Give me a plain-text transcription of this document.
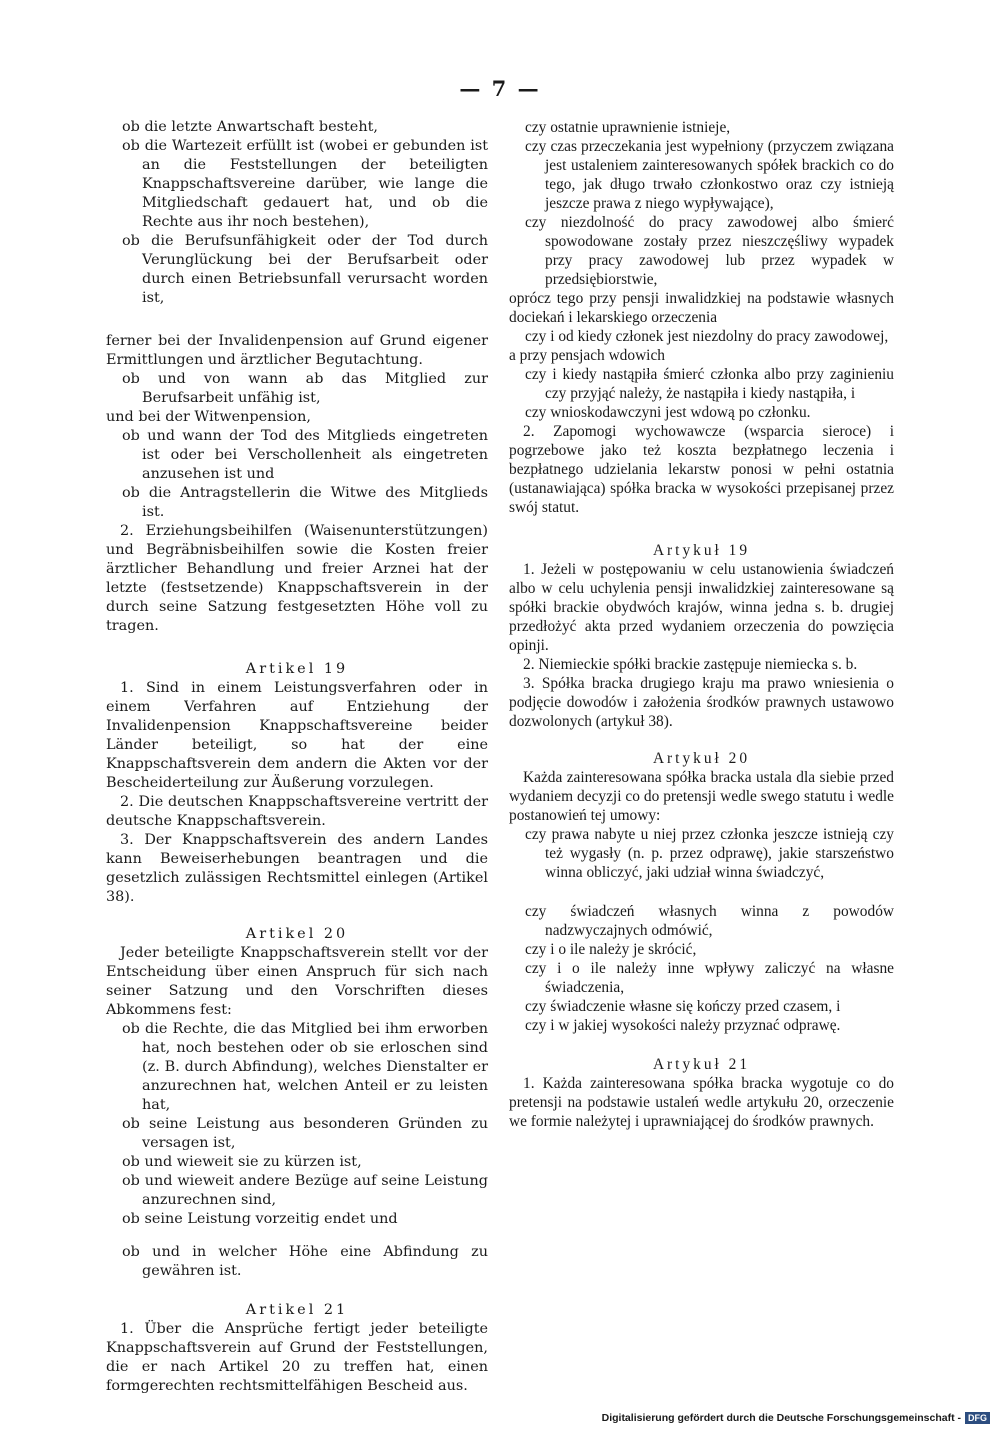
— 7 —

ob die letzte Anwartschaft besteht,

ob die Wartezeit erfüllt ist (wobei er gebunden ist an die Feststellungen der beteiligten Knappschaftsvereine darüber, wie lange die Mitgliedschaft gedauert hat, und ob die Rechte aus ihr noch bestehen),

ob die Berufsunfähigkeit oder der Tod durch Verunglückung bei der Berufsarbeit oder durch einen Betriebsunfall verursacht worden ist,

ferner bei der Invalidenpension auf Grund eigener Ermittlungen und ärztlicher Begutachtung.

ob und von wann ab das Mitglied zur Berufsarbeit unfähig ist,

und bei der Witwenpension,

ob und wann der Tod des Mitglieds eingetreten ist oder bei Verschollenheit als eingetreten anzusehen ist und

ob die Antragstellerin die Witwe des Mitglieds ist.

2. Erziehungsbeihilfen (Waisenunterstützungen) und Begräbnisbeihilfen sowie die Kosten freier ärztlicher Behandlung und freier Arznei hat der letzte (festsetzende) Knappschaftsverein in der durch seine Satzung festgesetzten Höhe voll zu tragen.

Artikel 19

1. Sind in einem Leistungsverfahren oder in einem Verfahren auf Entziehung der Invalidenpension Knappschaftsvereine beider Länder beteiligt, so hat der eine Knappschaftsverein dem andern die Akten vor der Bescheiderteilung zur Äußerung vorzulegen.

2. Die deutschen Knappschaftsvereine vertritt der deutsche Knappschaftsverein.

3. Der Knappschaftsverein des andern Landes kann Beweiserhebungen beantragen und die gesetzlich zulässigen Rechtsmittel einlegen (Artikel 38).

Artikel 20

Jeder beteiligte Knappschaftsverein stellt vor der Entscheidung über einen Anspruch für sich nach seiner Satzung und den Vorschriften dieses Abkommens fest:

ob die Rechte, die das Mitglied bei ihm erworben hat, noch bestehen oder ob sie erloschen sind (z. B. durch Abfindung), welches Dienstalter er anzurechnen hat, welchen Anteil er zu leisten hat,

ob seine Leistung aus besonderen Gründen zu versagen ist,

ob und wieweit sie zu kürzen ist,

ob und wieweit andere Bezüge auf seine Leistung anzurechnen sind,

ob seine Leistung vorzeitig endet und

ob und in welcher Höhe eine Abfindung zu gewähren ist.

Artikel 21

1. Über die Ansprüche fertigt jeder beteiligte Knappschaftsverein auf Grund der Feststellungen, die er nach Artikel 20 zu treffen hat, einen formgerechten rechtsmittelfähigen Bescheid aus.

czy ostatnie uprawnienie istnieje,

czy czas przeczekania jest wypełniony (przyczem związana jest ustaleniem zainteresowanych spółek brackich co do tego, jak długo trwało członkostwo oraz czy istnieją jeszcze prawa z niego wypływające),

czy niezdolność do pracy zawodowej albo śmierć spowodowane zostały przez nieszczęśliwy wypadek przy pracy zawodowej lub przez wypadek w przedsiębiorstwie,

oprócz tego przy pensji inwalidzkiej na podstawie własnych dociekań i lekarskiego orzeczenia

czy i od kiedy członek jest niezdolny do pracy zawodowej,

a przy pensjach wdowich

czy i kiedy nastąpiła śmierć członka albo przy zaginieniu czy przyjąć należy, że nastąpiła i kiedy nastąpiła, i

czy wnioskodawczyni jest wdową po członku.

2. Zapomogi wychowawcze (wsparcia sieroce) i pogrzebowe jako też koszta bezpłatnego leczenia i bezpłatnego udzielania lekarstw ponosi w pełni ostatnia (ustanawiająca) spółka bracka w wysokości przepisanej przez swój statut.

Artykuł 19

1. Jeżeli w postępowaniu w celu ustanowienia świadczeń albo w celu uchylenia pensji inwalidzkiej zainteresowane są spółki brackie obydwóch krajów, winna jedna s. b. drugiej przedłożyć akta przed wydaniem orzeczenia do powzięcia opinji.

2. Niemieckie spółki brackie zastępuje niemiecka s. b.

3. Spółka bracka drugiego kraju ma prawo wniesienia o podjęcie dowodów i założenia środków prawnych ustawowo dozwolonych (artykuł 38).

Artykuł 20

Każda zainteresowana spółka bracka ustala dla siebie przed wydaniem decyzji co do pretensji wedle swego statutu i wedle postanowień tej umowy:

czy prawa nabyte u niej przez członka jeszcze istnieją czy też wygasły (n. p. przez odprawę), jakie starszeństwo winna obliczyć, jaki udział winna świadczyć,

czy świadczeń własnych winna z powodów nadzwyczajnych odmówić,

czy i o ile należy je skrócić,

czy i o ile należy inne wpływy zaliczyć na własne świadczenia,

czy świadczenie własne się kończy przed czasem, i

czy i w jakiej wysokości należy przyznać odprawę.

Artykuł 21

1. Każda zainteresowana spółka bracka wygotuje co do pretensji na podstawie ustaleń wedle artykułu 20, orzeczenie we formie należytej i uprawniającej do środków prawnych.

Digitalisierung gefördert durch die Deutsche Forschungsgemeinschaft - DFG
